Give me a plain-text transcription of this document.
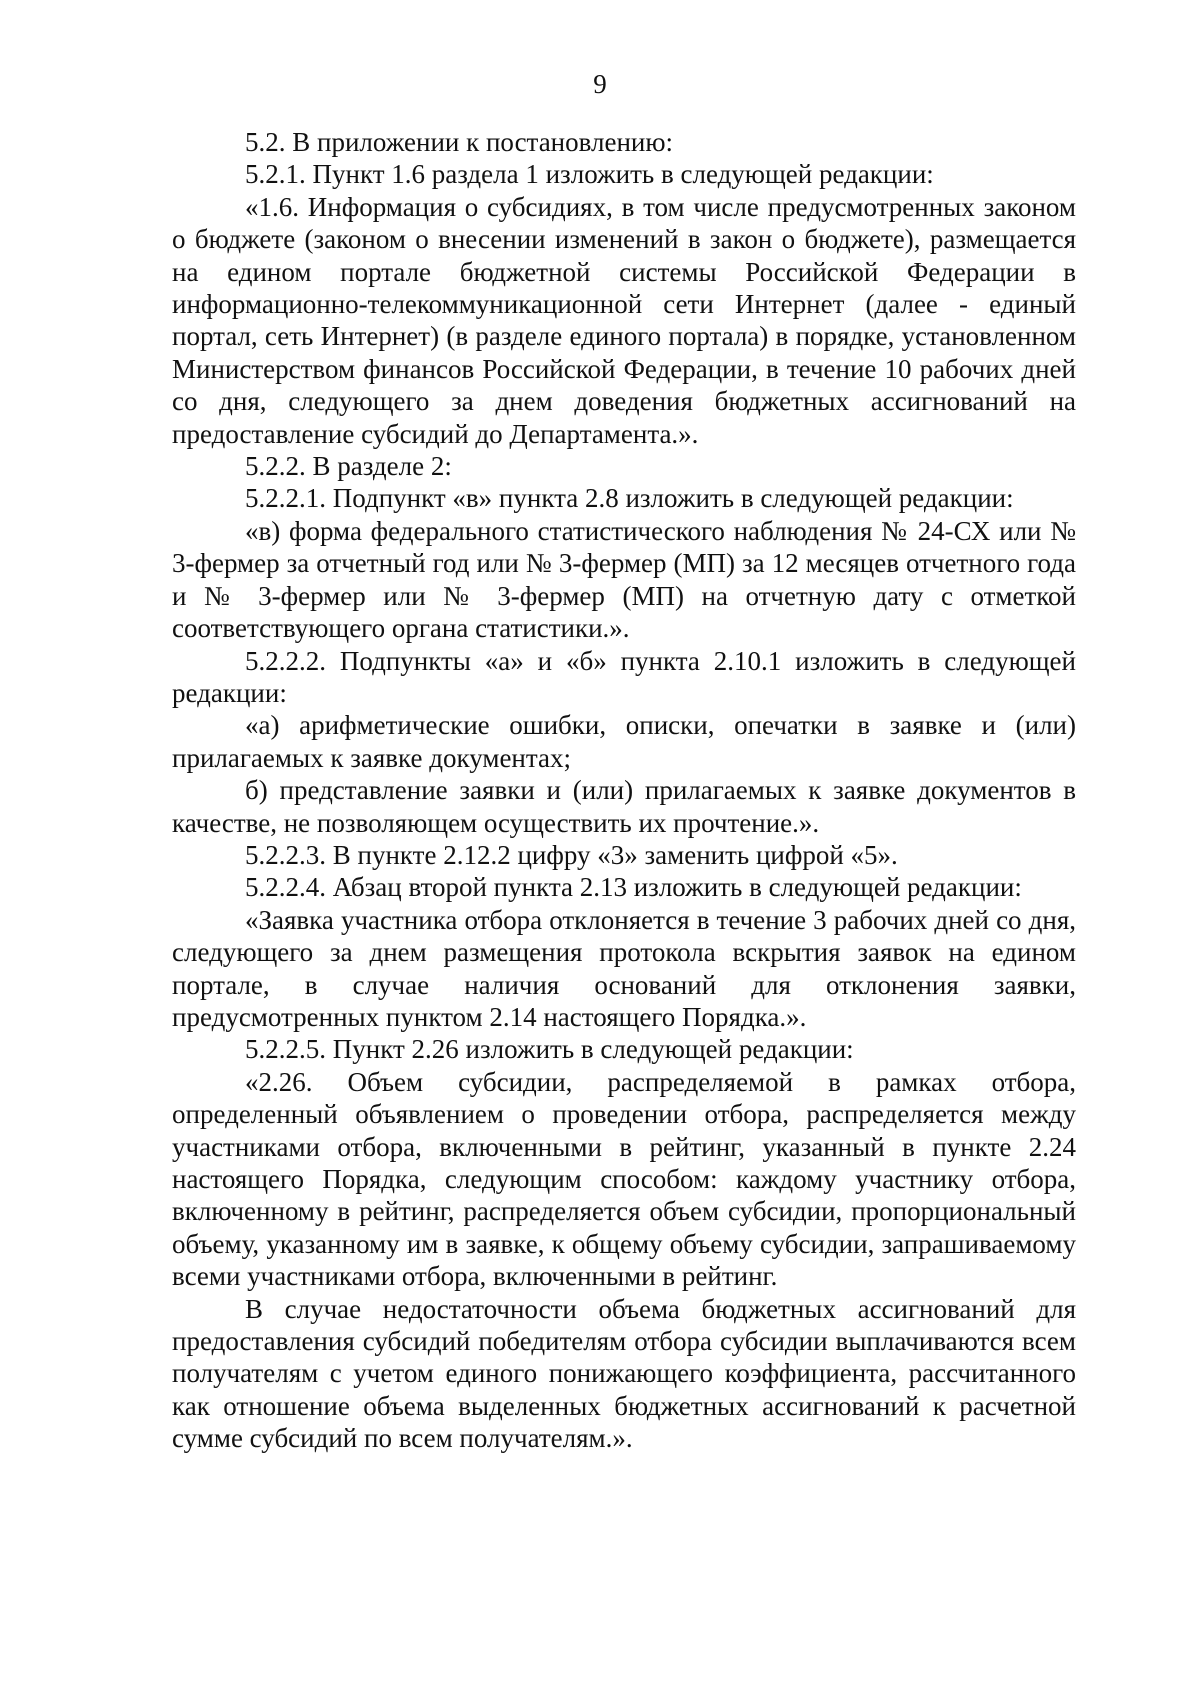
9

5.2. В приложении к постановлению:

5.2.1. Пункт 1.6 раздела 1 изложить в следующей редакции:

«1.6. Информация о субсидиях, в том числе предусмотренных законом о бюджете (законом о внесении изменений в закон о бюджете), размещается на едином портале бюджетной системы Российской Федерации в информационно-телекоммуникационной сети Интернет (далее - единый портал, сеть Интернет) (в разделе единого портала) в порядке, установленном Министерством финансов Российской Федерации, в течение 10 рабочих дней со дня, следующего за днем доведения бюджетных ассигнований на предоставление субсидий до Департамента.».

5.2.2. В разделе 2:

5.2.2.1. Подпункт «в» пункта 2.8 изложить в следующей редакции:

«в) форма федерального статистического наблюдения № 24-СХ или № 3-фермер за отчетный год или № 3-фермер (МП) за 12 месяцев отчетного года и № 3-фермер или № 3-фермер (МП) на отчетную дату с отметкой соответствующего органа статистики.».

5.2.2.2. Подпункты «а» и «б» пункта 2.10.1 изложить в следующей редакции:

«а) арифметические ошибки, описки, опечатки в заявке и (или) прилагаемых к заявке документах;

б) представление заявки и (или) прилагаемых к заявке документов в качестве, не позволяющем осуществить их прочтение.».

5.2.2.3. В пункте 2.12.2 цифру «3» заменить цифрой «5».

5.2.2.4. Абзац второй пункта 2.13 изложить в следующей редакции:

«Заявка участника отбора отклоняется в течение 3 рабочих дней со дня, следующего за днем размещения протокола вскрытия заявок на едином портале, в случае наличия оснований для отклонения заявки, предусмотренных пунктом 2.14 настоящего Порядка.».

5.2.2.5. Пункт 2.26 изложить в следующей редакции:

«2.26. Объем субсидии, распределяемой в рамках отбора, определенный объявлением о проведении отбора, распределяется между участниками отбора, включенными в рейтинг, указанный в пункте 2.24 настоящего Порядка, следующим способом: каждому участнику отбора, включенному в рейтинг, распределяется объем субсидии, пропорциональный объему, указанному им в заявке, к общему объему субсидии, запрашиваемому всеми участниками отбора, включенными в рейтинг.

В случае недостаточности объема бюджетных ассигнований для предоставления субсидий победителям отбора субсидии выплачиваются всем получателям с учетом единого понижающего коэффициента, рассчитанного как отношение объема выделенных бюджетных ассигнований к расчетной сумме субсидий по всем получателям.».
